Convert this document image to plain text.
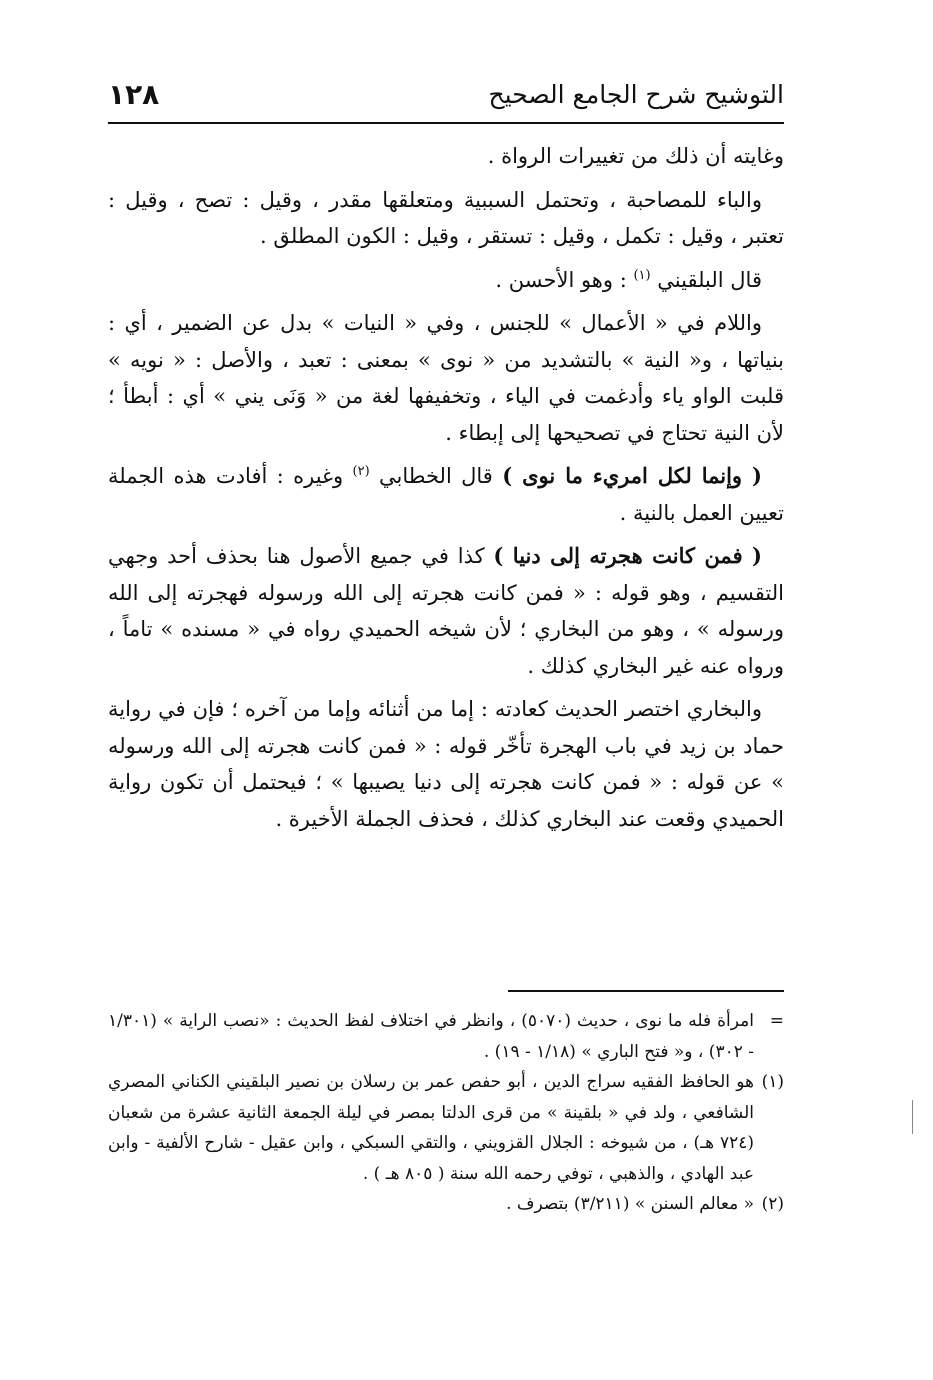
١٢٨	التوشيح شرح الجامع الصحيح

وغايته أن ذلك من تغييرات الرواة .

والباء للمصاحبة ، وتحتمل السببية ومتعلقها مقدر ، وقيل : تصح ، وقيل : تعتبر ، وقيل : تكمل ، وقيل : تستقر ، وقيل : الكون المطلق .

قال البلقيني $^{(١)}$ : وهو الأحسن .

واللام في « الأعمال » للجنس ، وفي « النيات » بدل عن الضمير ، أي : بنياتها ، و« النية » بالتشديد من « نوى » بمعنى : تعبد ، والأصل : « نويه » قلبت الواو ياء وأدغمت في الياء ، وتخفيفها لغة من « وَنَى يني » أي : أبطأ ؛ لأن النية تحتاج في تصحيحها إلى إبطاء .

( وإنما لكل امريء ما نوى ) قال الخطابي $^{(٢)}$ وغيره : أفادت هذه الجملة تعيين العمل بالنية .

( فمن كانت هجرته إلى دنيا ) كذا في جميع الأصول هنا بحذف أحد وجهي التقسيم ، وهو قوله : « فمن كانت هجرته إلى الله ورسوله فهجرته إلى الله ورسوله » ، وهو من البخاري ؛ لأن شيخه الحميدي رواه في « مسنده » تاماً ، ورواه عنه غير البخاري كذلك .

والبخاري اختصر الحديث كعادته : إما من أثنائه وإما من آخره ؛ فإن في رواية حماد بن زيد في باب الهجرة تأخّر قوله : « فمن كانت هجرته إلى الله ورسوله » عن قوله : « فمن كانت هجرته إلى دنيا يصيبها » ؛ فيحتمل أن تكون رواية الحميدي وقعت عند البخاري كذلك ، فحذف الجملة الأخيرة .

=امرأة فله ما نوى ، حديث (٥٠٧٠) ، وانظر في اختلاف لفظ الحديث : «نصب الراية » (١/٣٠١ - ٣٠٢) ، و« فتح الباري » (١/١٨ - ١٩) .

(١)هو الحافظ الفقيه سراج الدين ، أبو حفص عمر بن رسلان بن نصير البلقيني الكناني المصري الشافعي ، ولد في « بلقينة » من قرى الدلتا بمصر في ليلة الجمعة الثانية عشرة من شعبان (٧٢٤ هـ) ، من شيوخه : الجلال القزويني ، والتقي السبكي ، وابن عقيل - شارح الألفية - وابن عبد الهادي ، والذهبي ، توفي رحمه الله سنة ( ٨٠٥ هـ ) .

(٢)« معالم السنن » (٣/٢١١) بتصرف .
